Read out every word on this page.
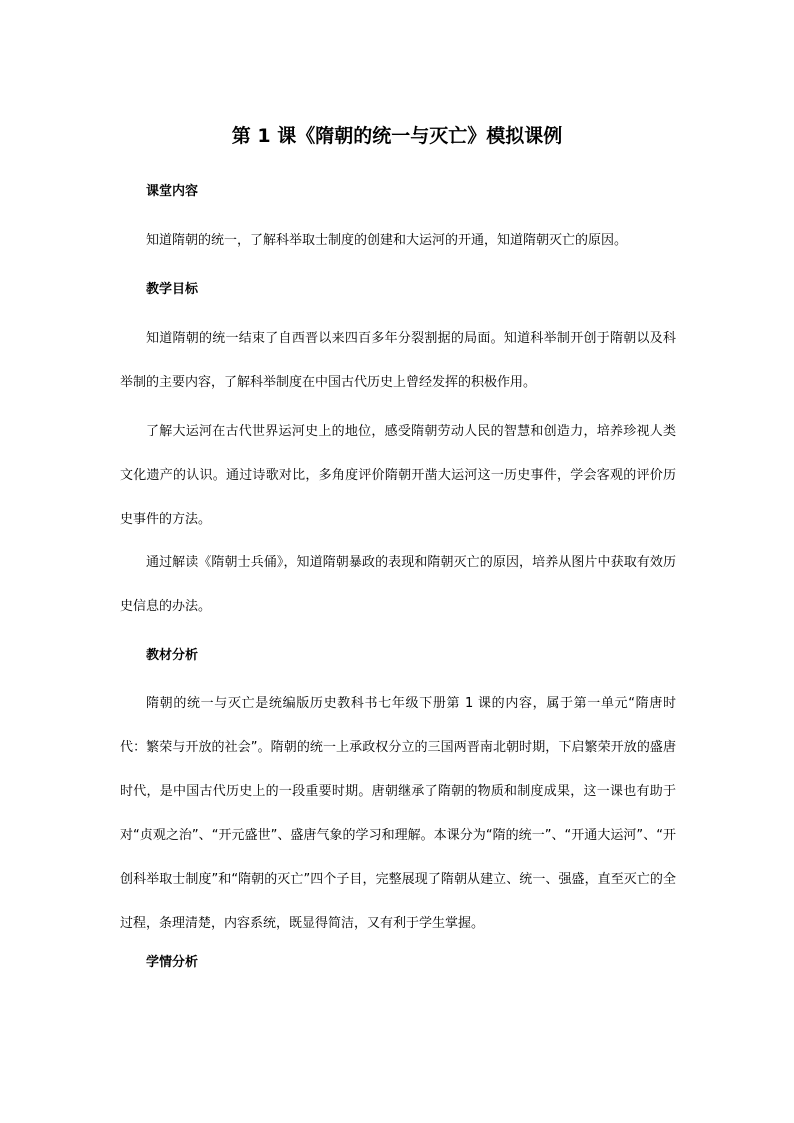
第 1 课《隋朝的统一与灭亡》模拟课例
课堂内容

知道隋朝的统一，了解科举取士制度的创建和大运河的开通，知道隋朝灭亡的原因。

教学目标

知道隋朝的统一结束了自西晋以来四百多年分裂割据的局面。知道科举制开创于隋朝以及科举制的主要内容，了解科举制度在中国古代历史上曾经发挥的积极作用。

了解大运河在古代世界运河史上的地位，感受隋朝劳动人民的智慧和创造力，培养珍视人类文化遗产的认识。通过诗歌对比，多角度评价隋朝开凿大运河这一历史事件，学会客观的评价历史事件的方法。

通过解读《隋朝士兵俑》，知道隋朝暴政的表现和隋朝灭亡的原因，培养从图片中获取有效历史信息的办法。

教材分析

隋朝的统一与灭亡是统编版历史教科书七年级下册第 1 课的内容，属于第一单元“隋唐时代：繁荣与开放的社会”。隋朝的统一上承政权分立的三国两晋南北朝时期，下启繁荣开放的盛唐时代，是中国古代历史上的一段重要时期。唐朝继承了隋朝的物质和制度成果，这一课也有助于对“贞观之治”、“开元盛世”、盛唐气象的学习和理解。本课分为“隋的统一”、“开通大运河”、“开创科举取士制度”和“隋朝的灭亡”四个子目，完整展现了隋朝从建立、统一、强盛，直至灭亡的全过程，条理清楚，内容系统，既显得简洁，又有利于学生掌握。

学情分析
